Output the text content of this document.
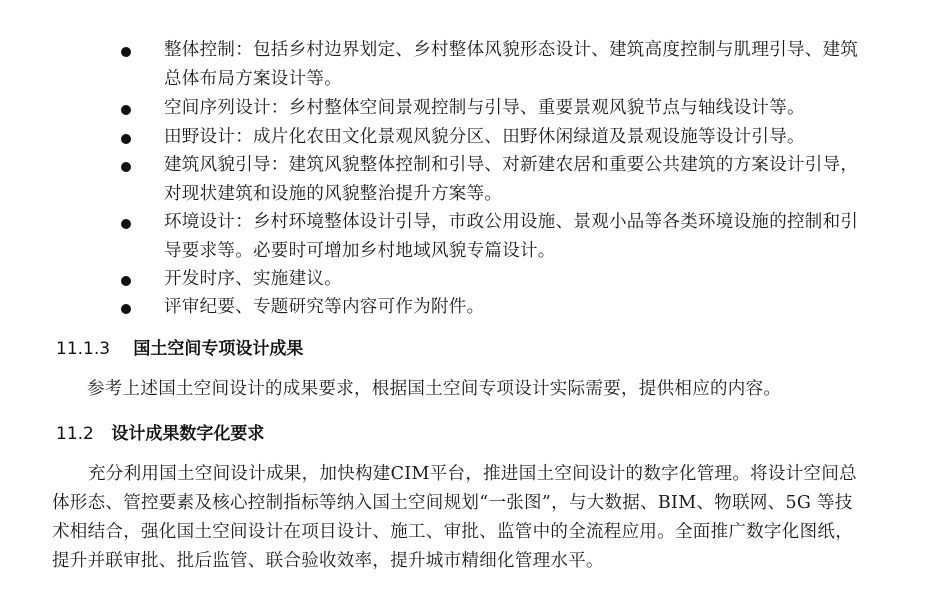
整体控制：包括乡村边界划定、乡村整体风貌形态设计、建筑高度控制与肌理引导、建筑
总体布局方案设计等。
空间序列设计：乡村整体空间景观控制与引导、重要景观风貌节点与轴线设计等。
田野设计：成片化农田文化景观风貌分区、田野休闲绿道及景观设施等设计引导。
建筑风貌引导：建筑风貌整体控制和引导、对新建农居和重要公共建筑的方案设计引导，
对现状建筑和设施的风貌整治提升方案等。
环境设计：乡村环境整体设计引导，市政公用设施、景观小品等各类环境设施的控制和引
导要求等。必要时可增加乡村地域风貌专篇设计。
开发时序、实施建议。
评审纪要、专题研究等内容可作为附件。
11.1.3 国土空间专项设计成果
参考上述国土空间设计的成果要求，根据国土空间专项设计实际需要，提供相应的内容。
11.2 设计成果数字化要求
充分利用国土空间设计成果，加快构建CIM平台，推进国土空间设计的数字化管理。将设计空间总
体形态、管控要素及核心控制指标等纳入国土空间规划“一张图”，与大数据、BIM、物联网、5G 等技
术相结合，强化国土空间设计在项目设计、施工、审批、监管中的全流程应用。全面推广数字化图纸，
提升并联审批、批后监管、联合验收效率，提升城市精细化管理水平。
